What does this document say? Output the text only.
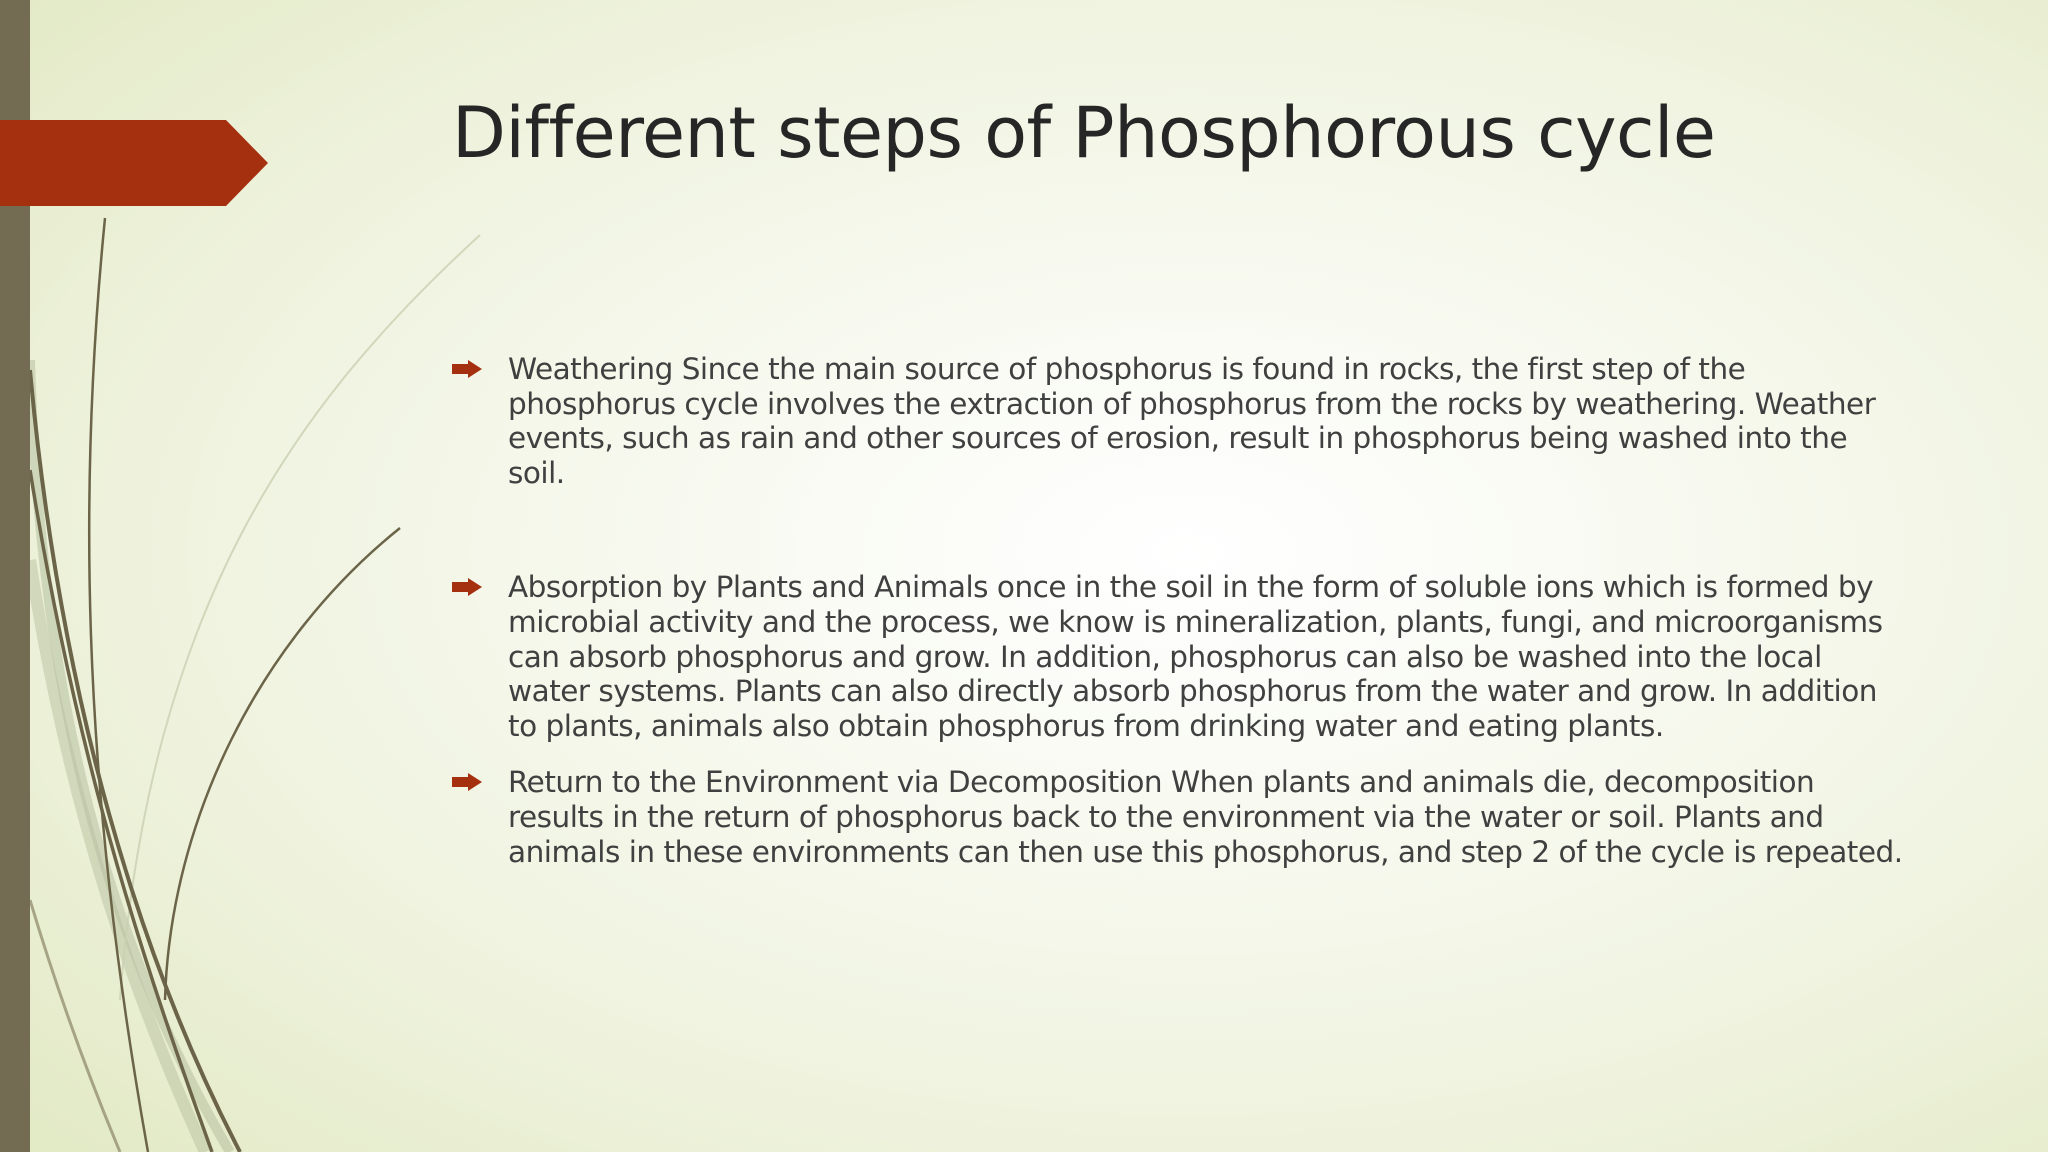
Different steps of Phosphorous cycle
Weathering Since the main source of phosphorus is found in rocks, the first step of the phosphorus cycle involves the extraction of phosphorus from the rocks by weathering. Weather events, such as rain and other sources of erosion, result in phosphorus being washed into the soil.
Absorption by Plants and Animals once in the soil in the form of soluble ions which is formed by microbial activity and the process, we know is mineralization, plants, fungi, and microorganisms can absorb phosphorus and grow. In addition, phosphorus can also be washed into the local water systems. Plants can also directly absorb phosphorus from the water and grow. In addition to plants, animals also obtain phosphorus from drinking water and eating plants.
Return to the Environment via Decomposition When plants and animals die, decomposition results in the return of phosphorus back to the environment via the water or soil. Plants and animals in these environments can then use this phosphorus, and step 2 of the cycle is repeated.
